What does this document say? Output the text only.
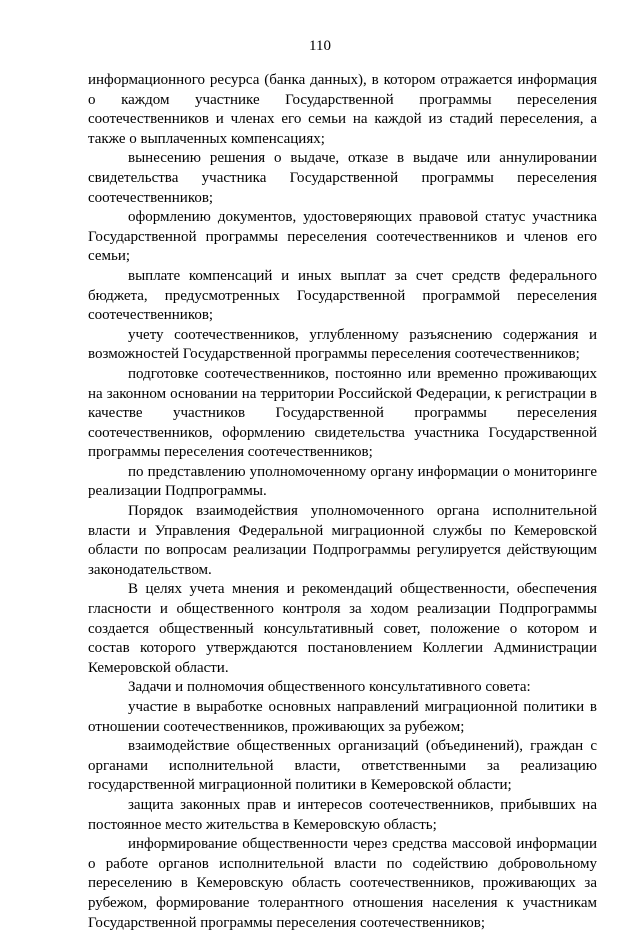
110

информационного ресурса (банка данных), в котором отражается информация о каждом участнике Государственной программы переселения соотечественников и членах его семьи на каждой из стадий переселения, а также о выплаченных компенсациях;

вынесению решения о выдаче, отказе в выдаче или аннулировании свидетельства участника Государственной программы переселения соотечественников;

оформлению документов, удостоверяющих правовой статус участника Государственной программы переселения соотечественников и членов его семьи;

выплате компенсаций и иных выплат за счет средств федерального бюджета, предусмотренных Государственной программой переселения соотечественников;

учету соотечественников, углубленному разъяснению содержания и возможностей Государственной программы переселения соотечественников;

подготовке соотечественников, постоянно или временно проживающих на законном основании на территории Российской Федерации, к регистрации в качестве участников Государственной программы переселения соотечественников, оформлению свидетельства участника Государственной программы переселения соотечественников;

по представлению уполномоченному органу информации о мониторинге реализации Подпрограммы.

Порядок взаимодействия уполномоченного органа исполнительной власти и Управления Федеральной миграционной службы по Кемеровской области по вопросам реализации Подпрограммы регулируется действующим законодательством.

В целях учета мнения и рекомендаций общественности, обеспечения гласности и общественного контроля за ходом реализации Подпрограммы создается общественный консультативный совет, положение о котором и состав которого утверждаются постановлением Коллегии Администрации Кемеровской области.

Задачи и полномочия общественного консультативного совета:

участие в выработке основных направлений миграционной политики в отношении соотечественников, проживающих за рубежом;

взаимодействие общественных организаций (объединений), граждан с органами исполнительной власти, ответственными за реализацию государственной миграционной политики в Кемеровской области;

защита законных прав и интересов соотечественников, прибывших на постоянное место жительства в Кемеровскую область;

информирование общественности через средства массовой информации о работе органов исполнительной власти по содействию добровольному переселению в Кемеровскую область соотечественников, проживающих за рубежом, формирование толерантного отношения населения к участникам Государственной программы переселения соотечественников;
